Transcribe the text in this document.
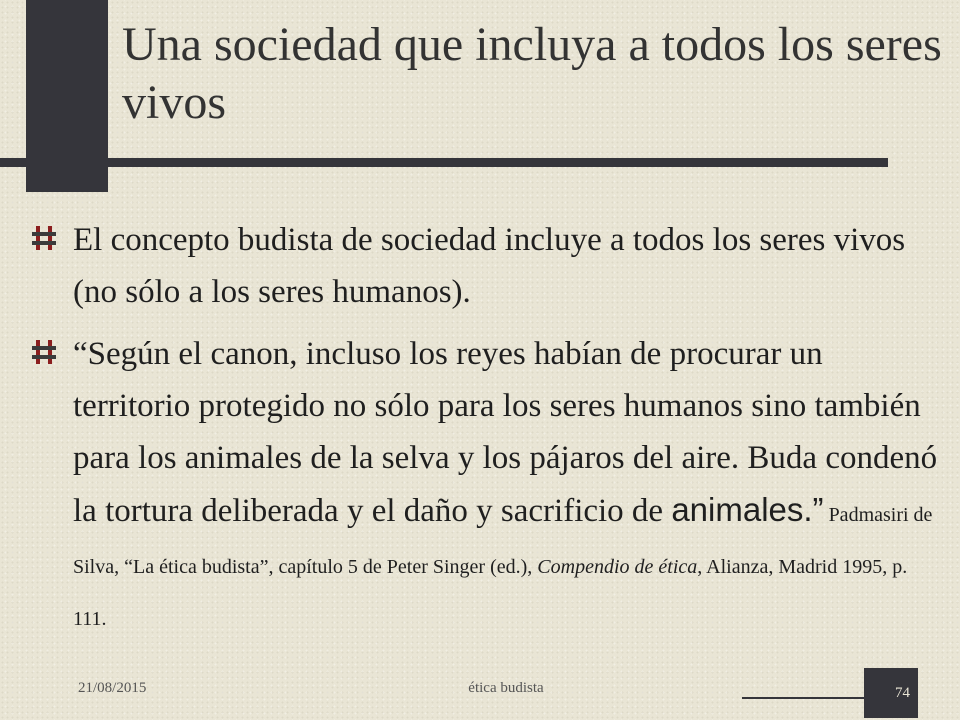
Una sociedad que incluya a todos los seres vivos

El concepto budista de sociedad incluye a todos los seres vivos (no sólo a los seres humanos).

“Según el canon, incluso los reyes habían de procurar un territorio protegido no sólo para los seres humanos sino también para los animales de la selva y los pájaros del aire. Buda condenó la tortura deliberada y el daño y sacrificio de animales.” Padmasiri de Silva, “La ética budista”, capítulo 5 de Peter Singer (ed.), Compendio de ética, Alianza, Madrid 1995, p. 111.

21/08/2015	ética budista	74
